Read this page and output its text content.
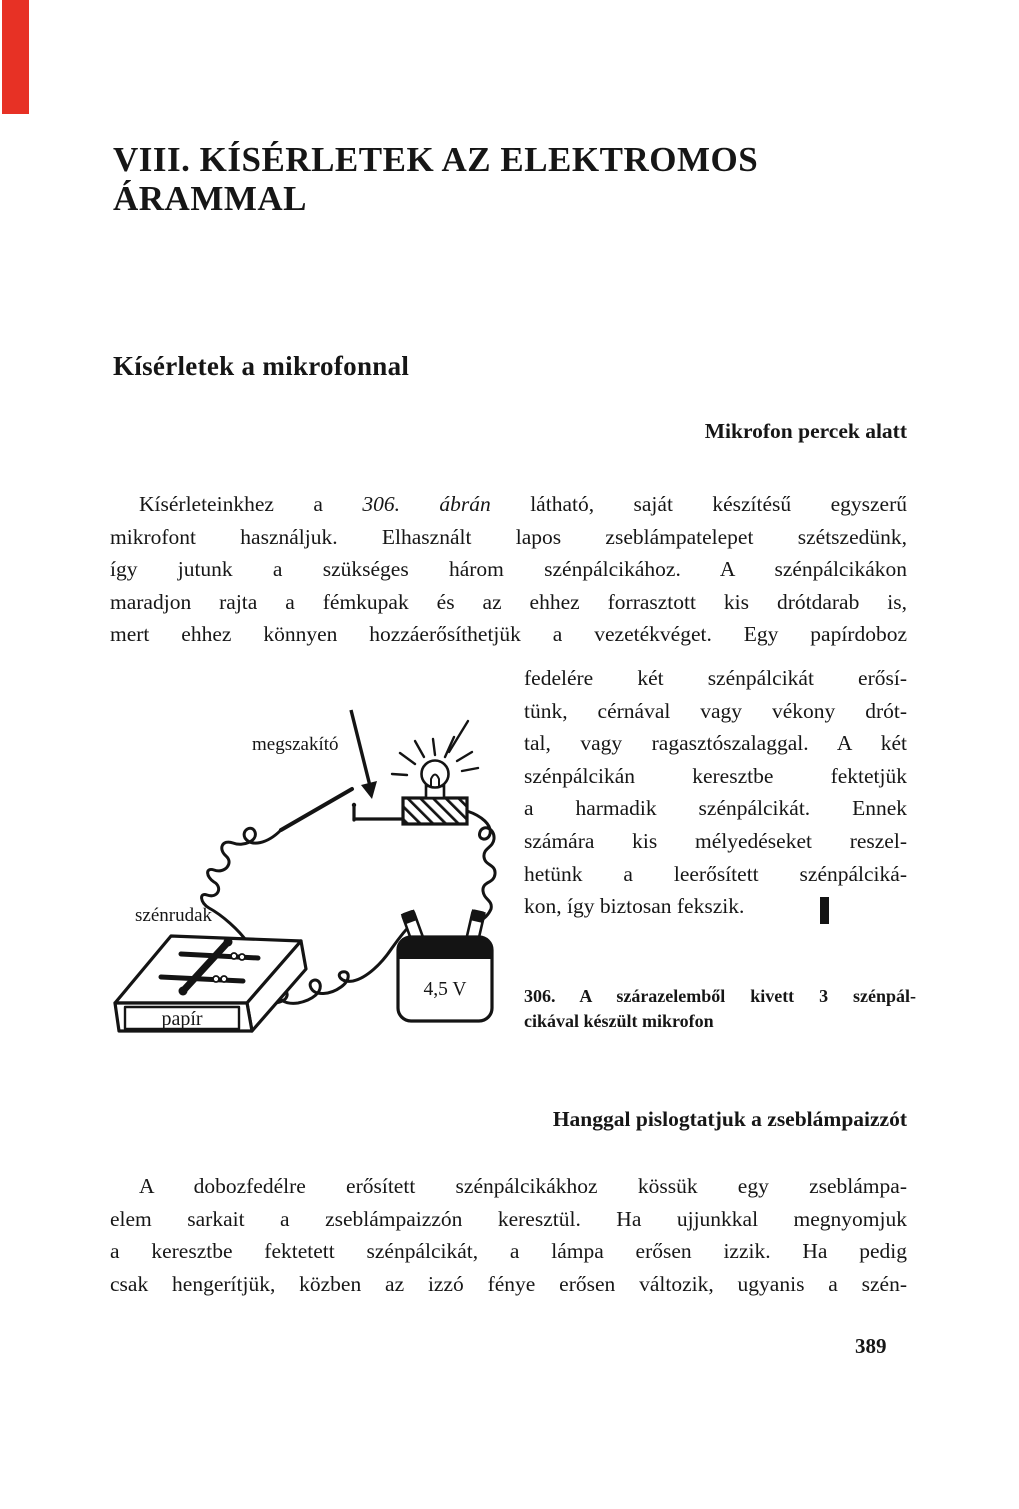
VIII. KÍSÉRLETEK AZ ELEKTROMOS
ÁRAMMAL
Kísérletek a mikrofonnal
Mikrofon percek alatt
Kísérleteinkhez a 306. ábrán látható, saját készítésű egyszerű
mikrofont használjuk. Elhasznált lapos zseblámpatelepet szétszedünk,
így jutunk a szükséges három szénpálcikához. A szénpálcikákon
maradjon rajta a fémkupak és az ehhez forrasztott kis drótdarab is,
mert ehhez könnyen hozzáerősíthetjük a vezetékvéget. Egy papírdoboz
fedelére két szénpálcikát erősí-
tünk, cérnával vagy vékony drót-
tal, vagy ragasztószalaggal. A két
szénpálcikán keresztbe fektetjük
a harmadik szénpálcikát. Ennek
számára kis mélyedéseket reszel-
hetünk a leerősített szénpálciká-
kon, így biztosan fekszik.
megszakító
4,5 V
szénrudak
papír
306. A szárazelemből kivett 3 szénpál-
cikával készült mikrofon
Hanggal pislogtatjuk a zseblámpaizzót
A dobozfedélre erősített szénpálcikákhoz kössük egy zseblámpa-
elem sarkait a zseblámpaizzón keresztül. Ha ujjunkkal megnyomjuk
a keresztbe fektetett szénpálcikát, a lámpa erősen izzik. Ha pedig
csak hengerítjük, közben az izzó fénye erősen változik, ugyanis a szén-
389
